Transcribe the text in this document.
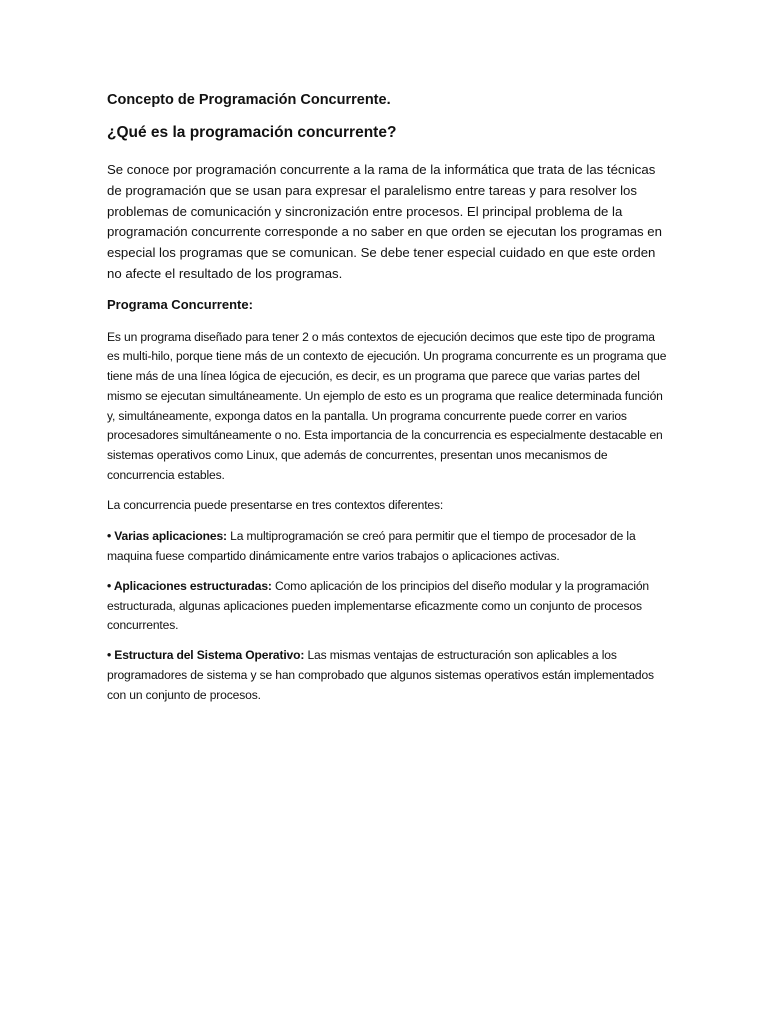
Concepto de Programación Concurrente.
¿Qué es la programación concurrente?

Se conoce por programación concurrente a la rama de la informática que trata de las técnicas de programación que se usan para expresar el paralelismo entre tareas y para resolver los problemas de comunicación y sincronización entre procesos. El principal problema de la programación concurrente corresponde a no saber en que orden se ejecutan los programas en especial los programas que se comunican. Se debe tener especial cuidado en que este orden no afecte el resultado de los programas.

Programa Concurrente:

Es un programa diseñado para tener 2 o más contextos de ejecución decimos que este tipo de programa es multi-hilo, porque tiene más de un contexto de ejecución. Un programa concurrente es un programa que tiene más de una línea lógica de ejecución, es decir, es un programa que parece que varias partes del mismo se ejecutan simultáneamente. Un ejemplo de esto es un programa que realice determinada función y, simultáneamente, exponga datos en la pantalla. Un programa concurrente puede correr en varios procesadores simultáneamente o no. Esta importancia de la concurrencia es especialmente destacable en sistemas operativos como Linux, que además de concurrentes, presentan unos mecanismos de concurrencia estables.

La concurrencia puede presentarse en tres contextos diferentes:

• Varias aplicaciones: La multiprogramación se creó para permitir que el tiempo de procesador de la maquina fuese compartido dinámicamente entre varios trabajos o aplicaciones activas.

• Aplicaciones estructuradas: Como aplicación de los principios del diseño modular y la programación estructurada, algunas aplicaciones pueden implementarse eficazmente como un conjunto de procesos concurrentes.

• Estructura del Sistema Operativo: Las mismas ventajas de estructuración son aplicables a los programadores de sistema y se han comprobado que algunos sistemas operativos están implementados con un conjunto de procesos.
